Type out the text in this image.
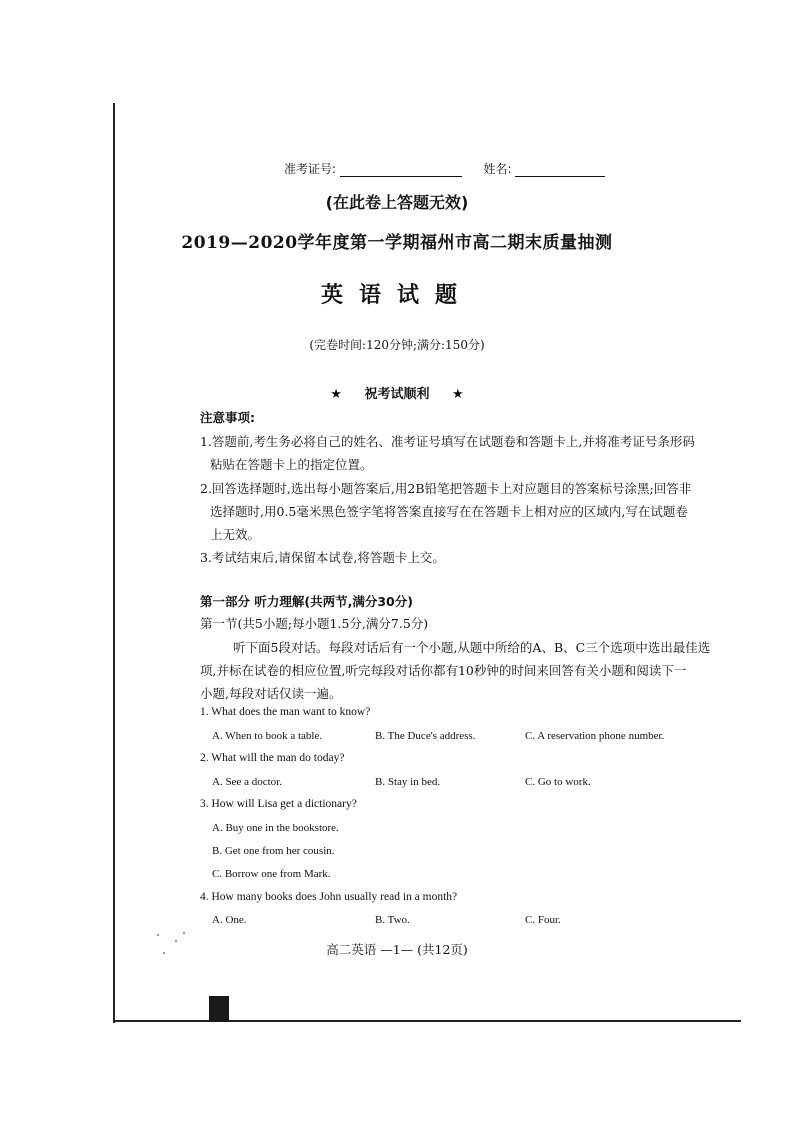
准考证号:	姓名:
(在此卷上答题无效)
2019—2020学年度第一学期福州市高二期末质量抽测
英语试题
(完卷时间:120分钟;满分:150分)
★ 祝考试顺利 ★
注意事项:
1.答题前,考生务必将自己的姓名、准考证号填写在试题卷和答题卡上,并将准考证号条形码
粘贴在答题卡上的指定位置。
2.回答选择题时,选出每小题答案后,用2B铅笔把答题卡上对应题目的答案标号涂黑;回答非
选择题时,用0.5毫米黑色签字笔将答案直接写在在答题卡上相对应的区域内,写在试题卷
上无效。
3.考试结束后,请保留本试卷,将答题卡上交。
第一部分 听力理解(共两节,满分30分)
第一节(共5小题;每小题1.5分,满分7.5分)
听下面5段对话。每段对话后有一个小题,从题中所给的A、B、C三个选项中选出最佳选
项,并标在试卷的相应位置,听完每段对话你都有10秒钟的时间来回答有关小题和阅读下一
小题,每段对话仅读一遍。
1. What does the man want to know?
A. When to book a table.	B. The Duce's address.	C. A reservation phone number.
2. What will the man do today?
A. See a doctor.	B. Stay in bed.	C. Go to work.
3. How will Lisa get a dictionary?
A. Buy one in the bookstore.
B. Get one from her cousin.
C. Borrow one from Mark.
4. How many books does John usually read in a month?
A. One.	B. Two.	C. Four.
高二英语 —1— (共12页)
